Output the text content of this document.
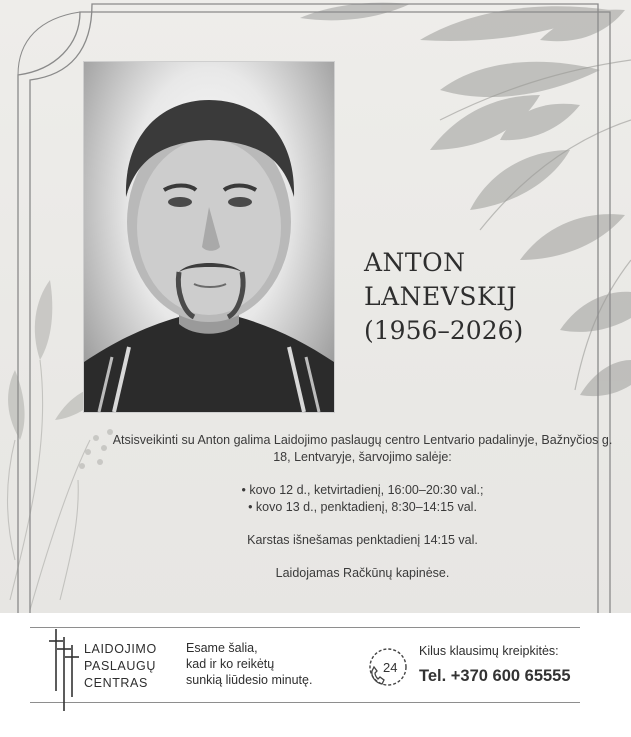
ANTON
LANEVSKIJ
(1956–2026)

Atsisveikinti su Anton galima Laidojimo paslaugų centro Lentvario padalinyje, Bažnyčios g. 18, Lentvaryje, šarvojimo salėje:

• kovo 12 d., ketvirtadienį, 16:00–20:30 val.;
• kovo 13 d., penktadienį, 8:30–14:15 val.

Karstas išnešamas penktadienį 14:15 val.

Laidojamas Račkūnų kapinėse.

LAIDOJIMO
PASLAUGŲ
CENTRAS
Esame šalia,
kad ir ko reikėtų
sunkią liūdesio minutę.
24
Kilus klausimų kreipkitės:
Tel. +370 600 65555
